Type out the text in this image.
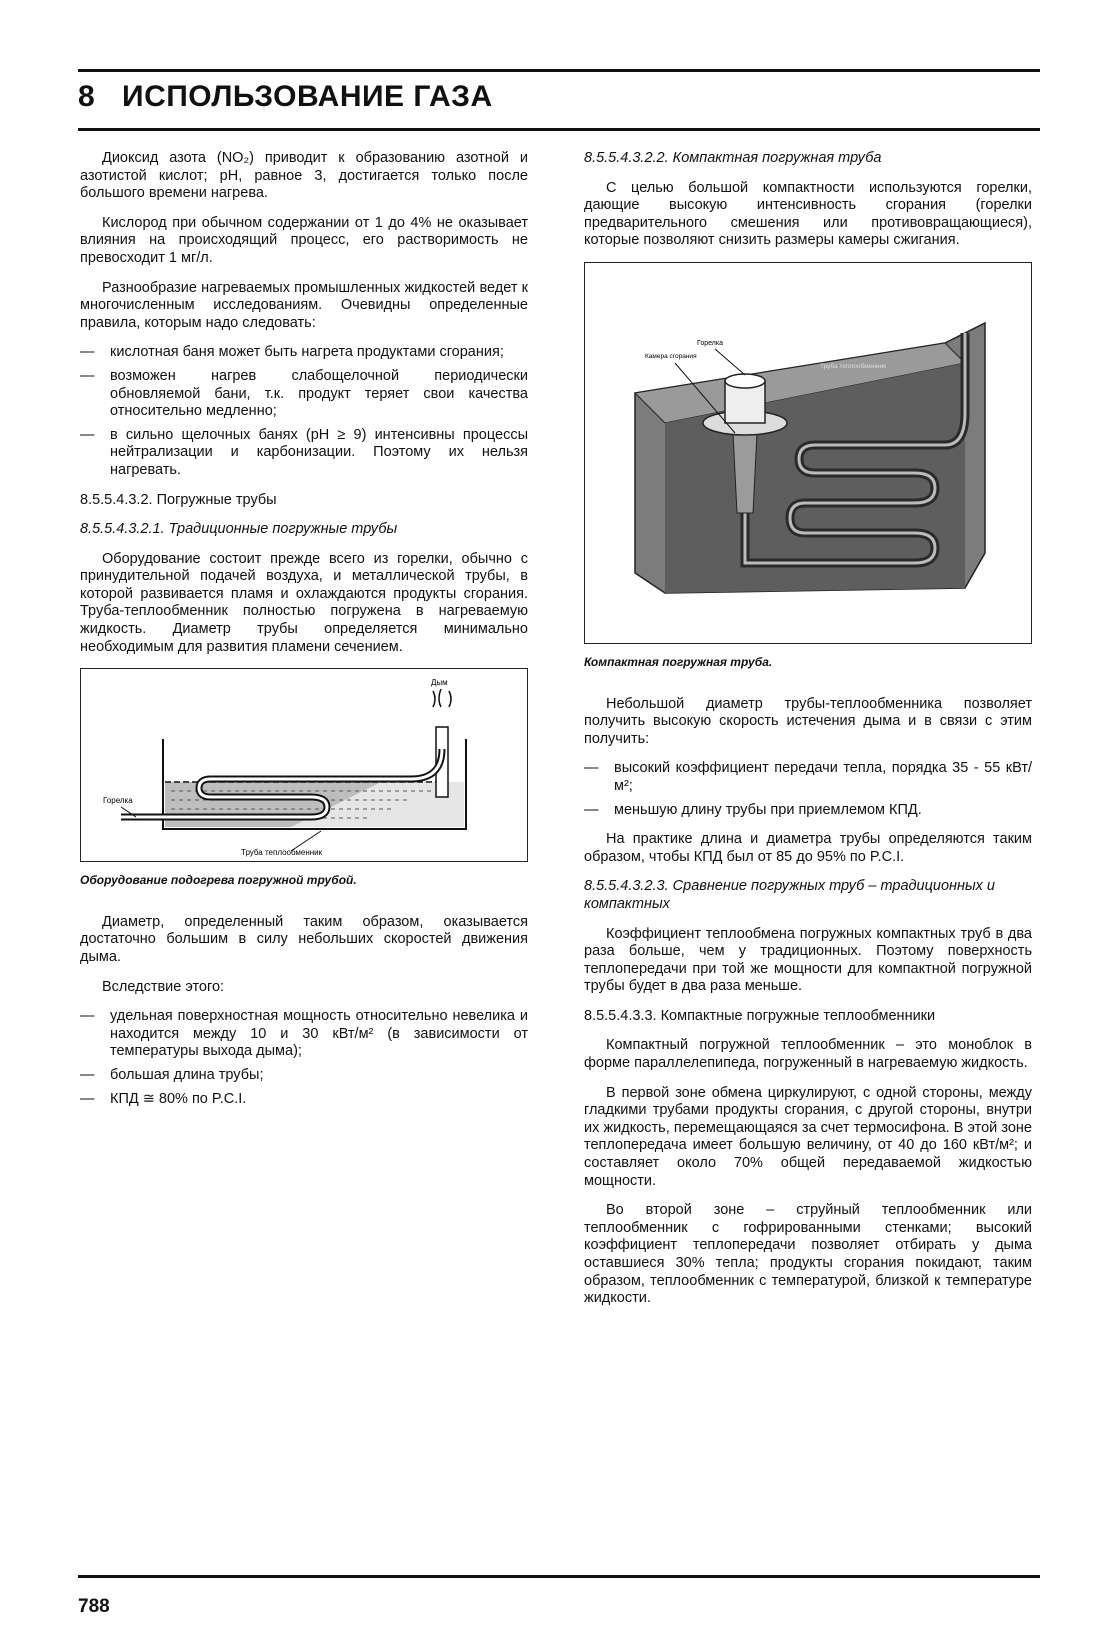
8 ИСПОЛЬЗОВАНИЕ ГАЗА

Диоксид азота (NO₂) приводит к образованию азотной и азотистой кислот; pH, равное 3, достигается только после большого времени нагрева.

Кислород при обычном содержании от 1 до 4% не оказывает влияния на происходящий процесс, его растворимость не превосходит 1 мг/л.

Разнообразие нагреваемых промышленных жидкостей ведет к многочисленным исследованиям. Очевидны определенные правила, которым надо следовать:

— кислотная баня может быть нагрета продуктами сгорания;
— возможен нагрев слабощелочной периодически обновляемой бани, т.к. продукт теряет свои качества относительно медленно;
— в сильно щелочных банях (pH ≥ 9) интенсивны процессы нейтрализации и карбонизации. Поэтому их нельзя нагревать.
8.5.5.4.3.2. Погружные трубы
8.5.5.4.3.2.1. Традиционные погружные трубы

Оборудование состоит прежде всего из горелки, обычно с принудительной подачей воздуха, и металлической трубы, в которой развивается пламя и охлаждаются продукты сгорания. Труба-теплообменник полностью погружена в нагреваемую жидкость. Диаметр трубы определяется минимально необходимым для развития пламени сечением.

Дым
Горелка
Труба теплообменник
Оборудование подогрева погружной трубой.

Диаметр, определенный таким образом, оказывается достаточно большим в силу небольших скоростей движения дыма.

Вследствие этого:

— удельная поверхностная мощность относительно невелика и находится между 10 и 30 кВт/м² (в зависимости от температуры выхода дыма);
— большая длина трубы;
— КПД ≅ 80% по P.C.I.
8.5.5.4.3.2.2. Компактная погружная труба

С целью большой компактности используются горелки, дающие высокую интенсивность сгорания (горелки предварительного смешения или противовращающиеся), которые позволяют снизить размеры камеры сжигания.

Горелка
Камера сгорания
Труба теплообменник
Компактная погружная труба.

Небольшой диаметр трубы-теплообменника позволяет получить высокую скорость истечения дыма и в связи с этим получить:

— высокий коэффициент передачи тепла, порядка 35 - 55 кВт/м²;
— меньшую длину трубы при приемлемом КПД.

На практике длина и диаметра трубы определяются таким образом, чтобы КПД был от 85 до 95% по P.C.I.

8.5.5.4.3.2.3. Сравнение погружных труб – традиционных и компактных

Коэффициент теплообмена погружных компактных труб в два раза больше, чем у традиционных. Поэтому поверхность теплопередачи при той же мощности для компактной погружной трубы будет в два раза меньше.

8.5.5.4.3.3. Компактные погружные теплообменники

Компактный погружной теплообменник – это моноблок в форме параллелепипеда, погруженный в нагреваемую жидкость.

В первой зоне обмена циркулируют, с одной стороны, между гладкими трубами продукты сгорания, с другой стороны, внутри их жидкость, перемещающаяся за счет термосифона. В этой зоне теплопередача имеет большую величину, от 40 до 160 кВт/м²; и составляет около 70% общей передаваемой жидкостью мощности.

Во второй зоне – струйный теплообменник или теплообменник с гофрированными стенками; высокий коэффициент теплопередачи позволяет отбирать у дыма оставшиеся 30% тепла; продукты сгорания покидают, таким образом, теплообменник с температурой, близкой к температуре жидкости.

788
